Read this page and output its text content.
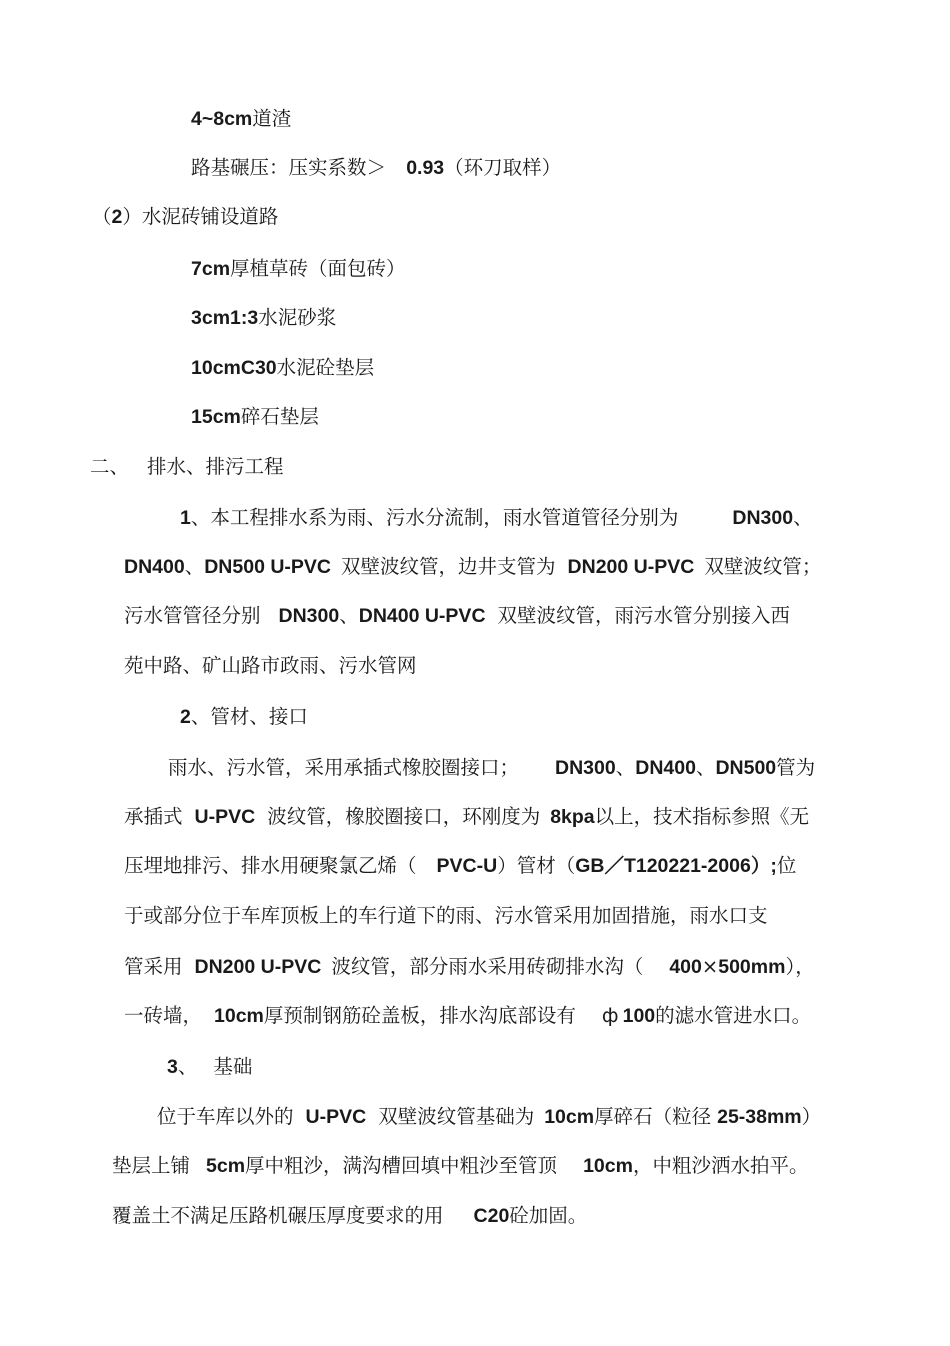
4~8cm道渣
路基碾压：压实系数＞ 0.93（环刀取样）
（2）水泥砖铺设道路
7cm厚植草砖（面包砖）
3cm1:3水泥砂浆
10cmC30水泥砼垫层
15cm碎石垫层
二、 排水、排污工程
1、本工程排水系为雨、污水分流制，雨水管道管径分别为	DN300、
DN400、DN500 U-PVC 双壁波纹管，边井支管为 DN200 U-PVC 双壁波纹管；
污水管管径分别 DN300、DN400 U-PVC 双壁波纹管，雨污水管分别接入西
苑中路、矿山路市政雨、污水管网
2、管材、接口
雨水、污水管，采用承插式橡胶圈接口； DN300、DN400、DN500管为
承插式 U-PVC 波纹管，橡胶圈接口，环刚度为 8kpa以上，技术指标参照《无
压埋地排污、排水用硬聚氯乙烯（ PVC-U）管材（GB／T120221-2006）;位
于或部分位于车库顶板上的车行道下的雨、污水管采用加固措施，雨水口支
管采用 DN200 U-PVC 波纹管，部分雨水采用砖砌排水沟（ 400×500mm），
一砖墙， 10cm厚预制钢筋砼盖板，排水沟底部设有 ф 100的滤水管进水口。
3、 基础
位于车库以外的 U-PVC 双壁波纹管基础为 10cm厚碎石（粒径 25-38mm）
垫层上铺 5cm厚中粗沙，满沟槽回填中粗沙至管顶 10cm，中粗沙洒水拍平。
覆盖土不满足压路机碾压厚度要求的用 C20砼加固。
